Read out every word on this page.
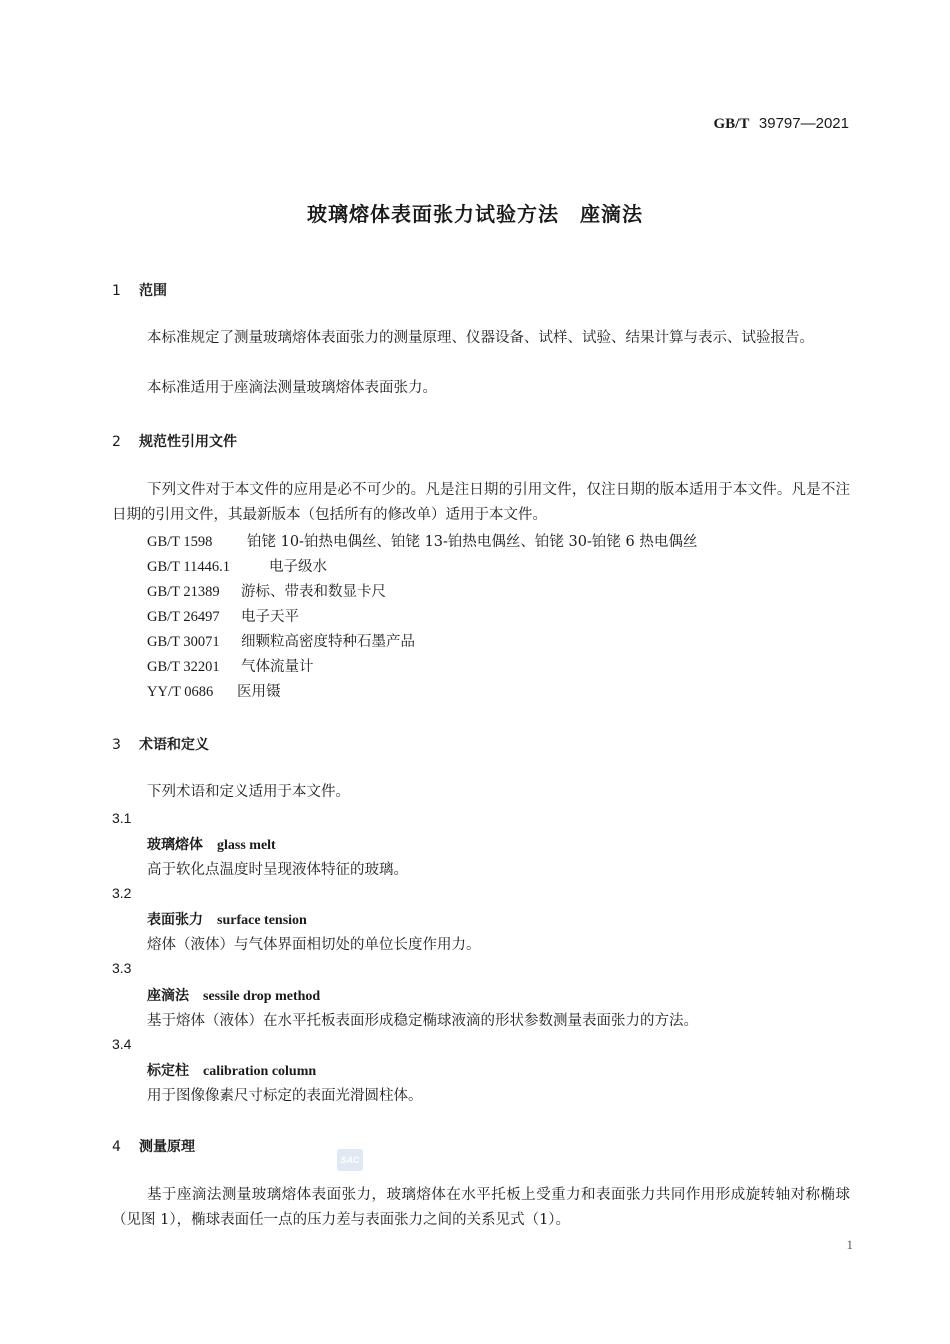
GB/T 39797—2021
玻璃熔体表面张力试验方法　座滴法
1 范围
本标准规定了测量玻璃熔体表面张力的测量原理、仪器设备、试样、试验、结果计算与表示、试验报告。
本标准适用于座滴法测量玻璃熔体表面张力。
2 规范性引用文件
下列文件对于本文件的应用是必不可少的。凡是注日期的引用文件，仅注日期的版本适用于本文件。凡是不注日期的引用文件，其最新版本（包括所有的修改单）适用于本文件。
GB/T 1598 铂铑 10-铂热电偶丝、铂铑 13-铂热电偶丝、铂铑 30-铂铑 6 热电偶丝
GB/T 11446.1	电子级水
GB/T 21389 游标、带表和数显卡尺
GB/T 26497 电子天平
GB/T 30071 细颗粒高密度特种石墨产品
GB/T 32201 气体流量计
YY/T 0686 医用镊
3 术语和定义
下列术语和定义适用于本文件。
3.1
玻璃熔体 glass melt
高于软化点温度时呈现液体特征的玻璃。
3.2
表面张力 surface tension
熔体（液体）与气体界面相切处的单位长度作用力。
3.3
座滴法 sessile drop method
基于熔体（液体）在水平托板表面形成稳定椭球液滴的形状参数测量表面张力的方法。
3.4
标定柱 calibration column
用于图像像素尺寸标定的表面光滑圆柱体。
4 测量原理
SAC
基于座滴法测量玻璃熔体表面张力，玻璃熔体在水平托板上受重力和表面张力共同作用形成旋转轴对称椭球（见图 1），椭球表面任一点的压力差与表面张力之间的关系见式（1）。
1
